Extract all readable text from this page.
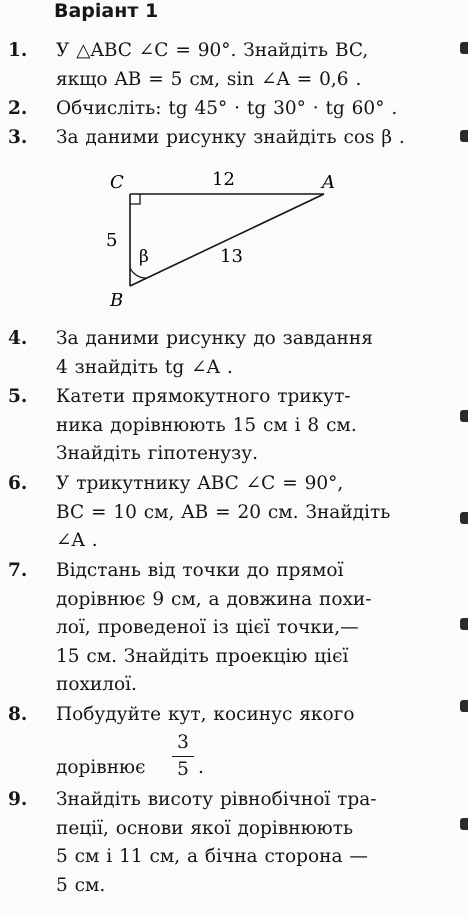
Варіант 1
1.	У △ABC ∠C = 90°. Знайдіть BC,
якщо AB = 5 см, sin ∠A = 0,6 .
2.	Обчисліть: tg 45° · tg 30° · tg 60° .
3.	За даними рисунку знайдіть cos β .
C	A
B
12
5
13
β
4.	За даними рисунку до завдання
4 знайдіть tg ∠A .
5.	Катети прямокутного трикут-
ника дорівнюють 15 см і 8 см.
Знайдіть гіпотенузу.
6.	У трикутнику ABC ∠C = 90°,
BC = 10 см, AB = 20 см. Знайдіть
∠A .
7.	Відстань від точки до прямої
дорівнює 9 см, а довжина похи-
лої, проведеної із цієї точки,—
15 см. Знайдіть проекцію цієї
похилої.
8.	Побудуйте кут, косинус якого
дорівнює
3
5 .
9.	Знайдіть висоту рівнобічної тра-
пеції, основи якої дорівнюють
5 см і 11 см, а бічна сторона —
5 см.
